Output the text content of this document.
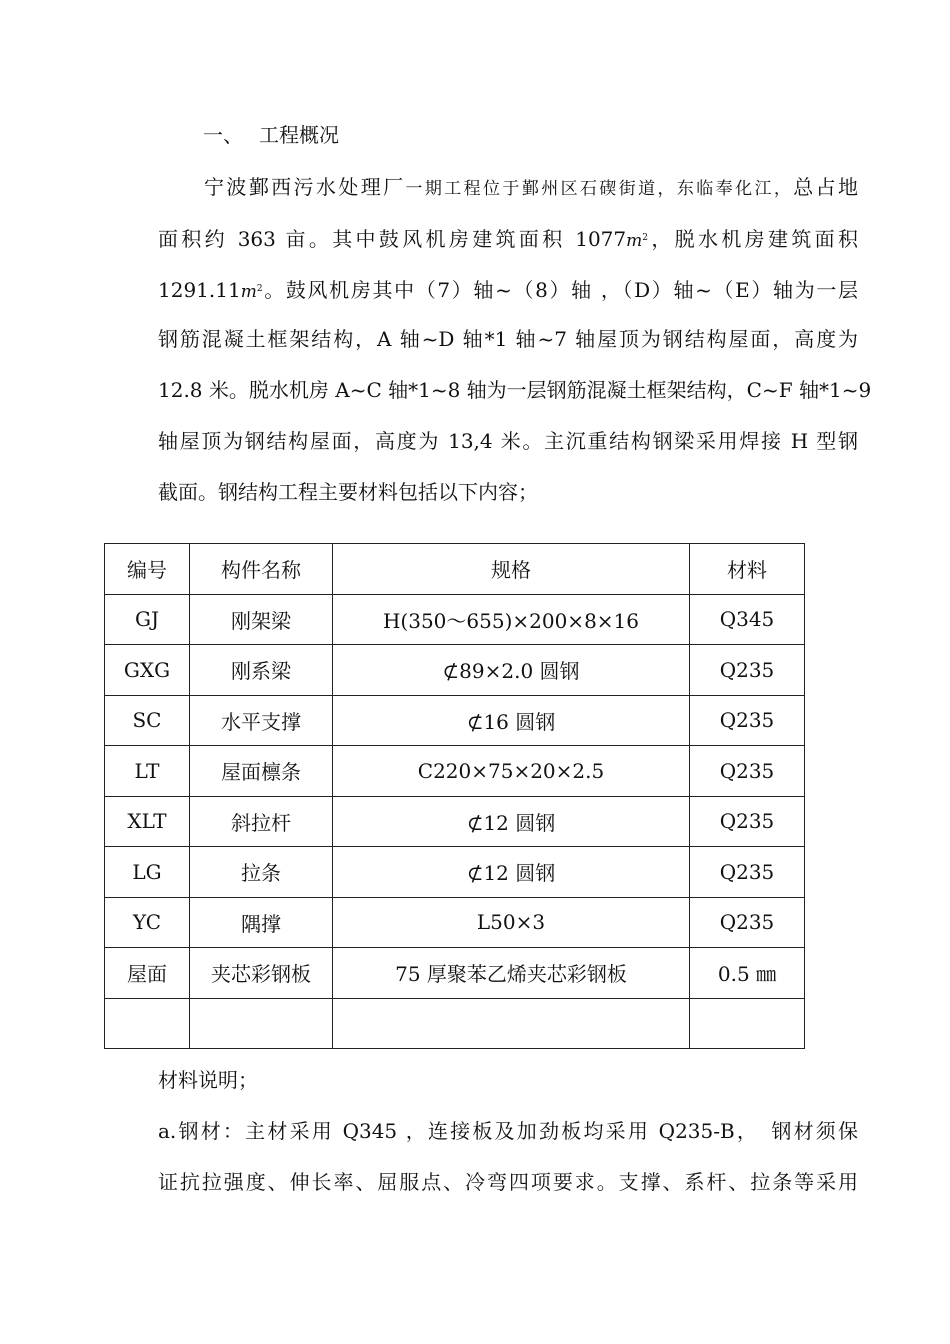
一、 工程概况
宁波鄞西污水处理厂一期工程位于鄞州区石碶街道，东临奉化江，总占地
面积约 363 亩。其中鼓风机房建筑面积 $1077m^2$，脱水机房建筑面积
$1291.11m^2$。鼓风机房其中（7）轴~（8）轴 ，（D）轴~（E）轴为一层
钢筋混凝土框架结构，A 轴~D 轴*1 轴~7 轴屋顶为钢结构屋面，高度为
12.8 米。脱水机房 A~C 轴*1~8 轴为一层钢筋混凝土框架结构，C~F 轴*1~9
轴屋顶为钢结构屋面，高度为 13,4 米。主沉重结构钢梁采用焊接 H 型钢
截面。钢结构工程主要材料包括以下内容；
编号	构件名称	规格	材料
GJ	刚架梁	H(350～655)×200×8×16	Q345
GXG	刚系梁	⊄89×2.0 圆钢	Q235
SC	水平支撑	⊄16 圆钢	Q235
LT	屋面檩条	C220×75×20×2.5	Q235
XLT	斜拉杆	⊄12 圆钢	Q235
LG	拉条	⊄12 圆钢	Q235
YC	隅撑	L50×3	Q235
屋面	夹芯彩钢板	75 厚聚苯乙烯夹芯彩钢板	0.5 ㎜

材料说明；
a.钢材：主材采用 Q345 ，连接板及加劲板均采用 Q235-B，　钢材须保
证抗拉强度、伸长率、屈服点、冷弯四项要求。支撑、系杆、拉条等采用
